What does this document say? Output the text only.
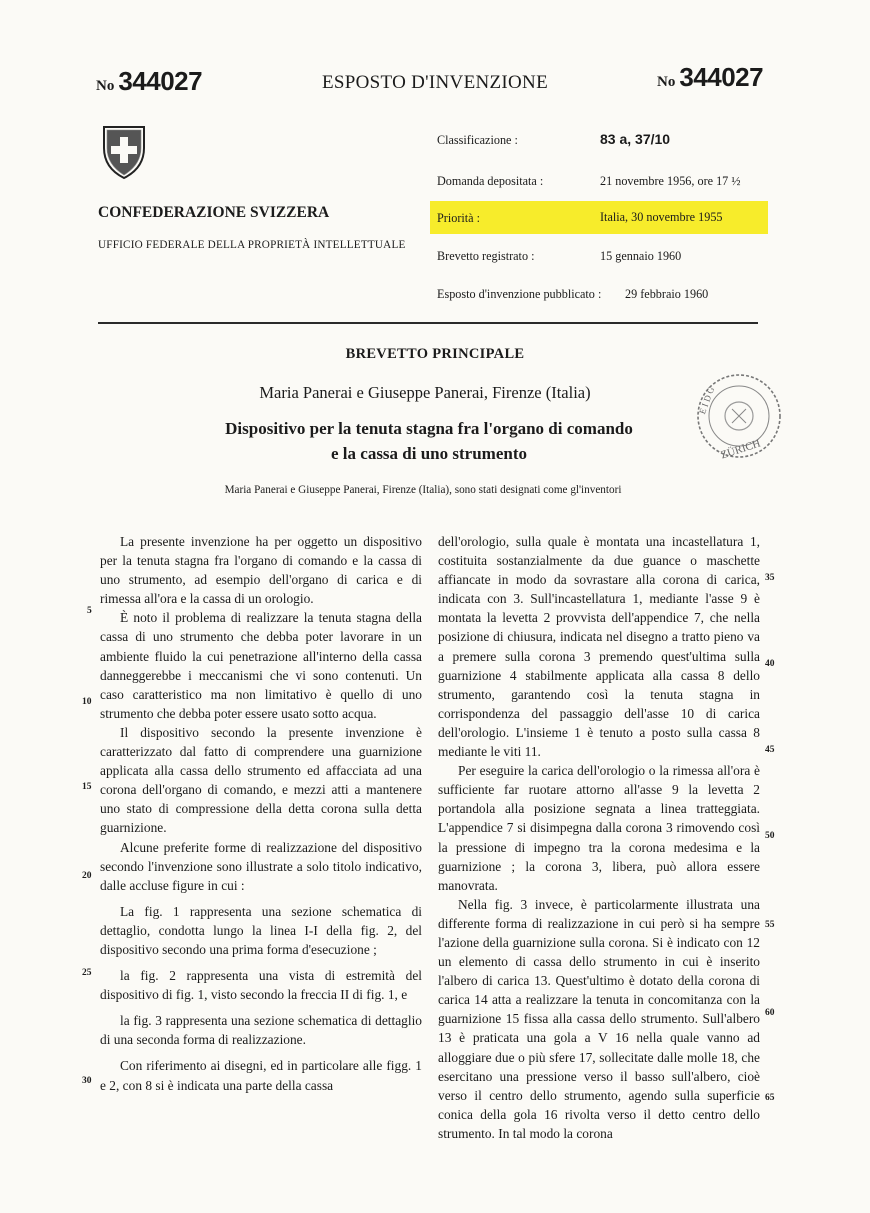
No 344027	ESPOSTO D'INVENZIONE	No 344027
CONFEDERAZIONE SVIZZERA
UFFICIO FEDERALE DELLA PROPRIETÀ INTELLETTUALE
Classificazione :	83 a, 37/10
Domanda depositata :	21 novembre 1956, ore 17 ½
Priorità :	Italia, 30 novembre 1955
Brevetto registrato :	15 gennaio 1960
Esposto d'invenzione pubblicato : 29 febbraio 1960
BREVETTO PRINCIPALE
Maria Panerai e Giuseppe Panerai, Firenze (Italia)
Dispositivo per la tenuta stagna fra l'organo di comando
e la cassa di uno strumento
Maria Panerai e Giuseppe Panerai, Firenze (Italia), sono stati designati come gl'inventori
E I D G
ZÜRICH

La presente invenzione ha per oggetto un dispositivo per la tenuta stagna fra l'organo di comando e la cassa di uno strumento, ad esempio dell'organo di carica e di rimessa all'ora e la cassa di un orologio.

È noto il problema di realizzare la tenuta stagna della cassa di uno strumento che debba poter lavorare in un ambiente fluido la cui penetrazione all'interno della cassa danneggerebbe i meccanismi che vi sono contenuti. Un caso caratteristico ma non limitativo è quello di uno strumento che debba poter essere usato sotto acqua.

Il dispositivo secondo la presente invenzione è caratterizzato dal fatto di comprendere una guarnizione applicata alla cassa dello strumento ed affacciata ad una corona dell'organo di comando, e mezzi atti a mantenere uno stato di compressione della detta corona sulla detta guarnizione.

Alcune preferite forme di realizzazione del dispositivo secondo l'invenzione sono illustrate a solo titolo indicativo, dalle accluse figure in cui :

La fig. 1 rappresenta una sezione schematica di dettaglio, condotta lungo la linea I-I della fig. 2, del dispositivo secondo una prima forma d'esecuzione ;

la fig. 2 rappresenta una vista di estremità del dispositivo di fig. 1, visto secondo la freccia II di fig. 1, e

la fig. 3 rappresenta una sezione schematica di dettaglio di una seconda forma di realizzazione.

Con riferimento ai disegni, ed in particolare alle figg. 1 e 2, con 8 si è indicata una parte della cassa

dell'orologio, sulla quale è montata una incastellatura 1, costituita sostanzialmente da due guance o maschette affiancate in modo da sovrastare alla corona di carica, indicata con 3. Sull'incastellatura 1, mediante l'asse 9 è montata la levetta 2 provvista dell'appendice 7, che nella posizione di chiusura, indicata nel disegno a tratto pieno va a premere sulla corona 3 premendo quest'ultima sulla guarnizione 4 stabilmente applicata alla cassa 8 dello strumento, garantendo così la tenuta stagna in corrispondenza del passaggio dell'asse 10 di carica dell'orologio. L'insieme 1 è tenuto a posto sulla cassa 8 mediante le viti 11.

Per eseguire la carica dell'orologio o la rimessa all'ora è sufficiente far ruotare attorno all'asse 9 la levetta 2 portandola alla posizione segnata a linea tratteggiata. L'appendice 7 si disimpegna dalla corona 3 rimovendo così la pressione di impegno tra la corona medesima e la guarnizione ; la corona 3, libera, può allora essere manovrata.

Nella fig. 3 invece, è particolarmente illustrata una differente forma di realizzazione in cui però si ha sempre l'azione della guarnizione sulla corona. Si è indicato con 12 un elemento di cassa dello strumento in cui è inserito l'albero di carica 13. Quest'ultimo è dotato della corona di carica 14 atta a realizzare la tenuta in concomitanza con la guarnizione 15 fissa alla cassa dello strumento. Sull'albero 13 è praticata una gola a V 16 nella quale vanno ad alloggiare due o più sfere 17, sollecitate dalle molle 18, che esercitano una pressione verso il basso sull'albero, cioè verso il centro dello strumento, agendo sulla superficie conica della gola 16 rivolta verso il detto centro dello strumento. In tal modo la corona

5
10
15
20
25
30
35
40
45
50
55
60
65
